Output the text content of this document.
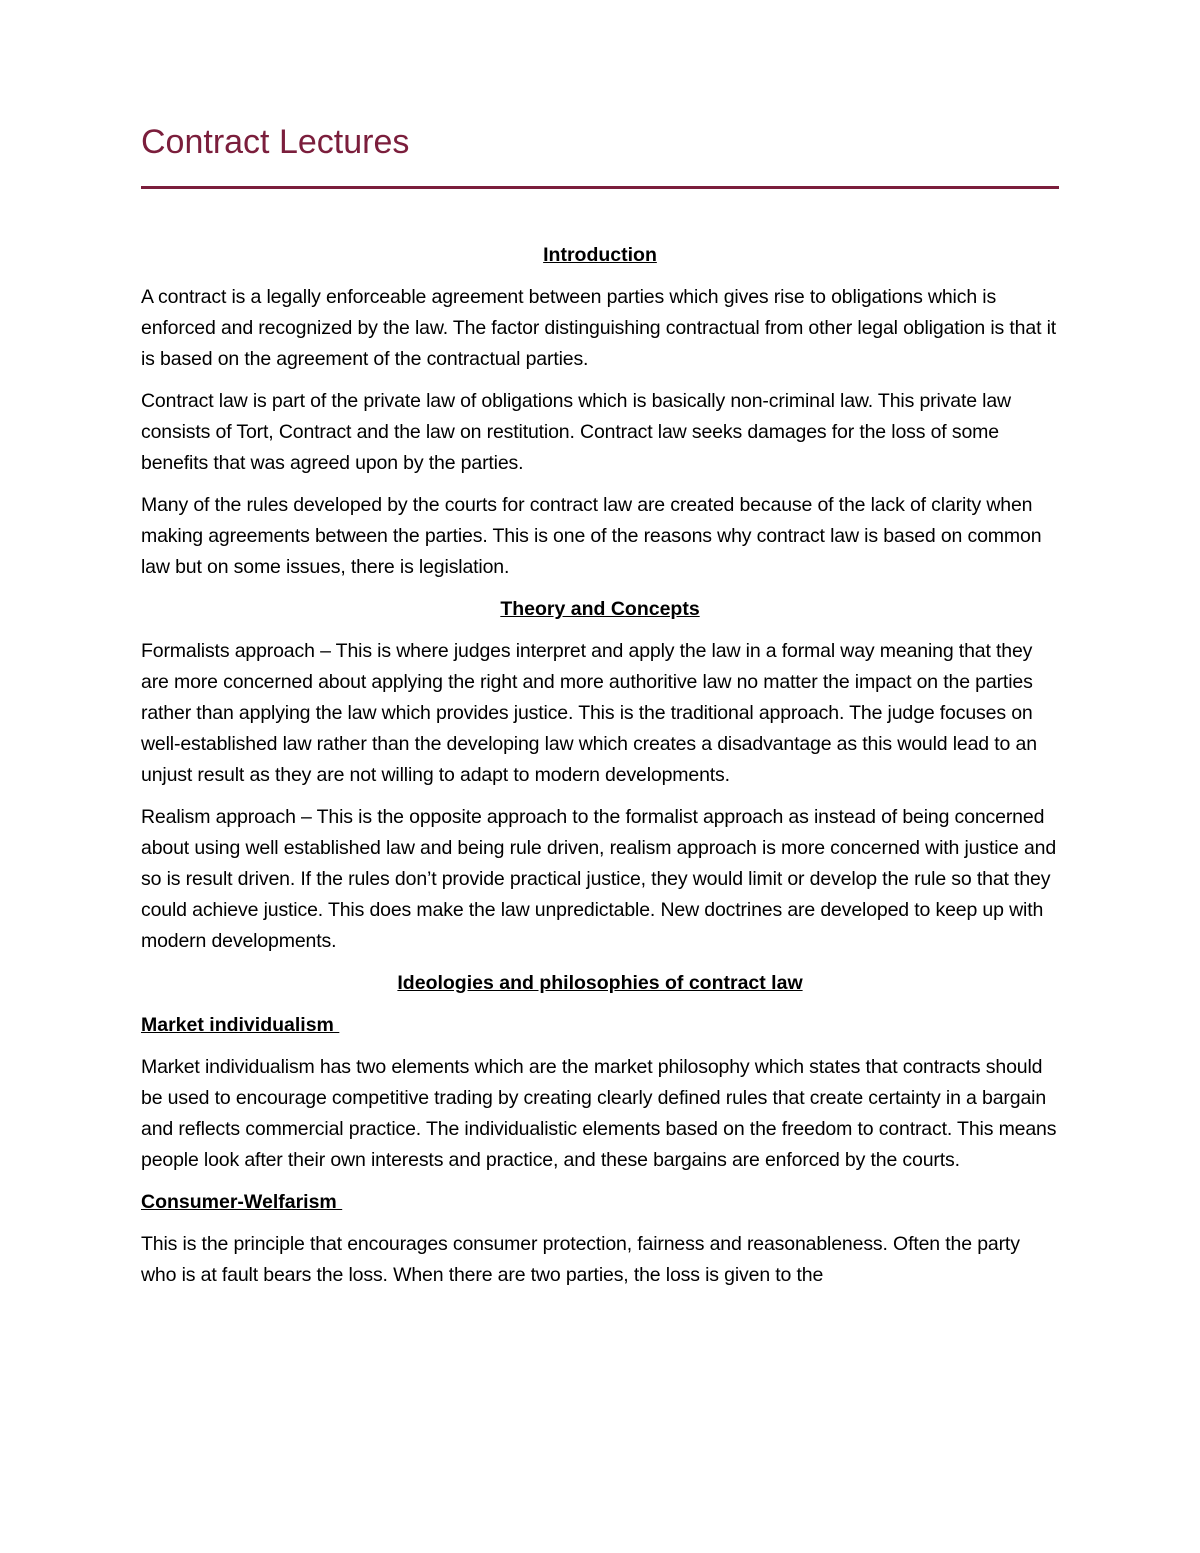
Contract Lectures

Introduction

A contract is a legally enforceable agreement between parties which gives rise to obligations which is enforced and recognized by the law. The factor distinguishing contractual from other legal obligation is that it is based on the agreement of the contractual parties.

Contract law is part of the private law of obligations which is basically non-criminal law. This private law consists of Tort, Contract and the law on restitution. Contract law seeks damages for the loss of some benefits that was agreed upon by the parties.

Many of the rules developed by the courts for contract law are created because of the lack of clarity when making agreements between the parties. This is one of the reasons why contract law is based on common law but on some issues, there is legislation.

Theory and Concepts

Formalists approach – This is where judges interpret and apply the law in a formal way meaning that they are more concerned about applying the right and more authoritive law no matter the impact on the parties rather than applying the law which provides justice. This is the traditional approach. The judge focuses on well-established law rather than the developing law which creates a disadvantage as this would lead to an unjust result as they are not willing to adapt to modern developments.

Realism approach – This is the opposite approach to the formalist approach as instead of being concerned about using well established law and being rule driven, realism approach is more concerned with justice and so is result driven. If the rules don’t provide practical justice, they would limit or develop the rule so that they could achieve justice. This does make the law unpredictable. New doctrines are developed to keep up with modern developments.

Ideologies and philosophies of contract law

Market individualism

Market individualism has two elements which are the market philosophy which states that contracts should be used to encourage competitive trading by creating clearly defined rules that create certainty in a bargain and reflects commercial practice. The individualistic elements based on the freedom to contract. This means people look after their own interests and practice, and these bargains are enforced by the courts.

Consumer-Welfarism

This is the principle that encourages consumer protection, fairness and reasonableness. Often the party who is at fault bears the loss. When there are two parties, the loss is given to the
